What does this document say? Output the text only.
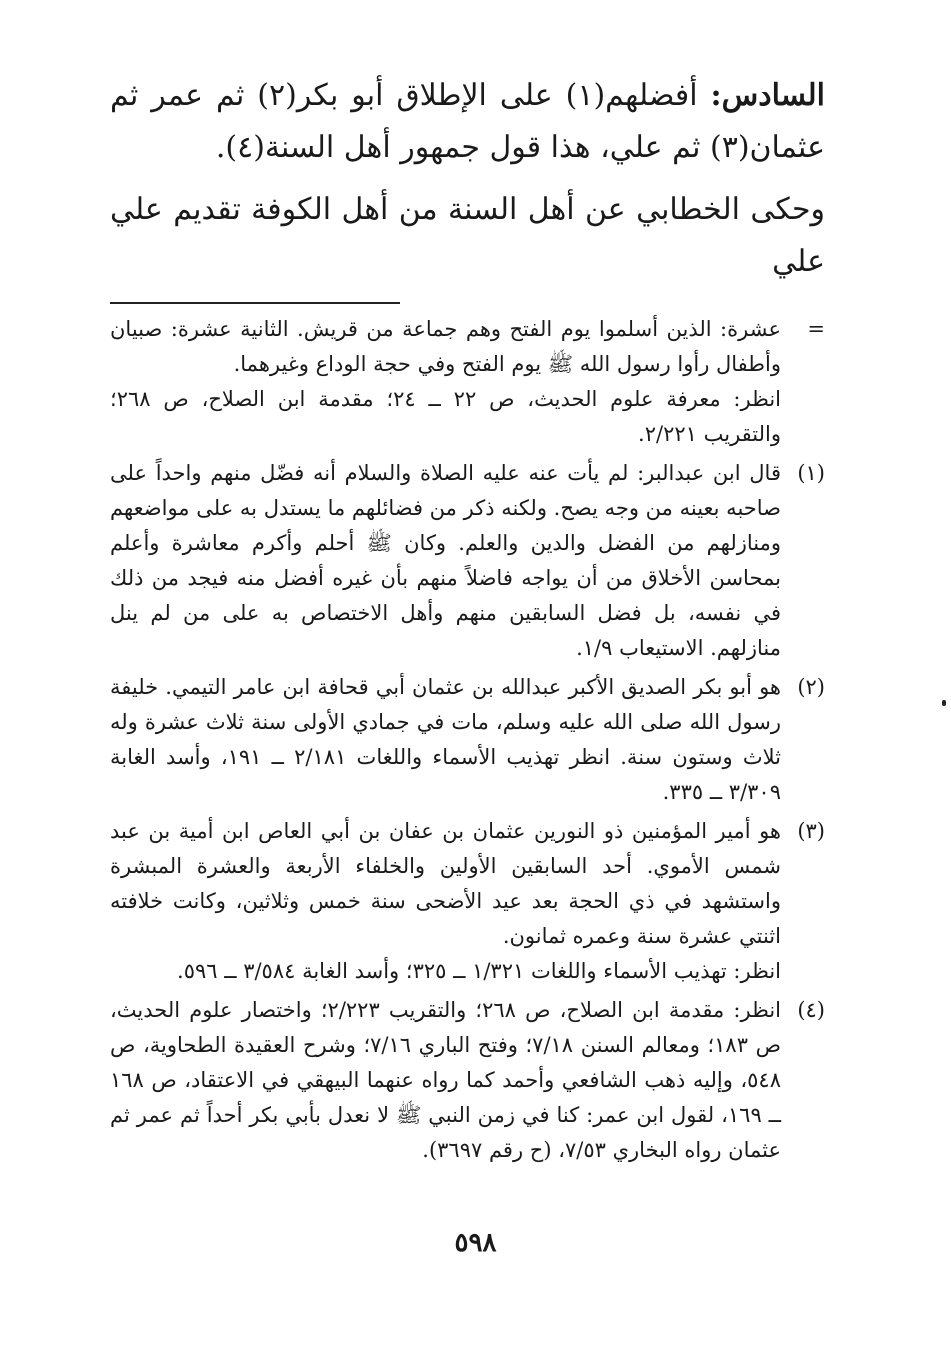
السادس: أفضلهم(١) على الإطلاق أبو بكر(٢) ثم عمر ثم عثمان(٣) ثم علي، هذا قول جمهور أهل السنة(٤).

وحكى الخطابي عن أهل السنة من أهل الكوفة تقديم علي علي

=

عشرة: الذين أسلموا يوم الفتح وهم جماعة من قريش. الثانية عشرة: صبيان وأطفال رأوا رسول الله ﷺ يوم الفتح وفي حجة الوداع وغيرهما.

انظر: معرفة علوم الحديث، ص ٢٢ ــ ٢٤؛ مقدمة ابن الصلاح، ص ٢٦٨؛ والتقريب ٢/٢٢١.

(١)

قال ابن عبدالبر: لم يأت عنه عليه الصلاة والسلام أنه فضّل منهم واحداً على صاحبه بعينه من وجه يصح. ولكنه ذكر من فضائلهم ما يستدل به على مواضعهم ومنازلهم من الفضل والدين والعلم. وكان ﷺ أحلم وأكرم معاشرة وأعلم بمحاسن الأخلاق من أن يواجه فاضلاً منهم بأن غيره أفضل منه فيجد من ذلك في نفسه، بل فضل السابقين منهم وأهل الاختصاص به على من لم ينل منازلهم. الاستيعاب ١/٩.

(٢)

هو أبو بكر الصديق الأكبر عبدالله بن عثمان أبي قحافة ابن عامر التيمي. خليفة رسول الله صلى الله عليه وسلم، مات في جمادي الأولى سنة ثلاث عشرة وله ثلاث وستون سنة. انظر تهذيب الأسماء واللغات ٢/١٨١ ــ ١٩١، وأسد الغابة ٣/٣٠٩ ــ ٣٣٥.

(٣)

هو أمير المؤمنين ذو النورين عثمان بن عفان بن أبي العاص ابن أمية بن عبد شمس الأموي. أحد السابقين الأولين والخلفاء الأربعة والعشرة المبشرة واستشهد في ذي الحجة بعد عيد الأضحى سنة خمس وثلاثين، وكانت خلافته اثنتي عشرة سنة وعمره ثمانون.

انظر: تهذيب الأسماء واللغات ١/٣٢١ ــ ٣٢٥؛ وأسد الغابة ٣/٥٨٤ ــ ٥٩٦.

(٤)

انظر: مقدمة ابن الصلاح، ص ٢٦٨؛ والتقريب ٢/٢٢٣؛ واختصار علوم الحديث، ص ١٨٣؛ ومعالم السنن ٧/١٨؛ وفتح الباري ٧/١٦؛ وشرح العقيدة الطحاوية، ص ٥٤٨، وإليه ذهب الشافعي وأحمد كما رواه عنهما البيهقي في الاعتقاد، ص ١٦٨ ــ ١٦٩، لقول ابن عمر: كنا في زمن النبي ﷺ لا نعدل بأبي بكر أحداً ثم عمر ثم عثمان رواه البخاري ٧/٥٣، (ح رقم ٣٦٩٧).

٥٩٨
